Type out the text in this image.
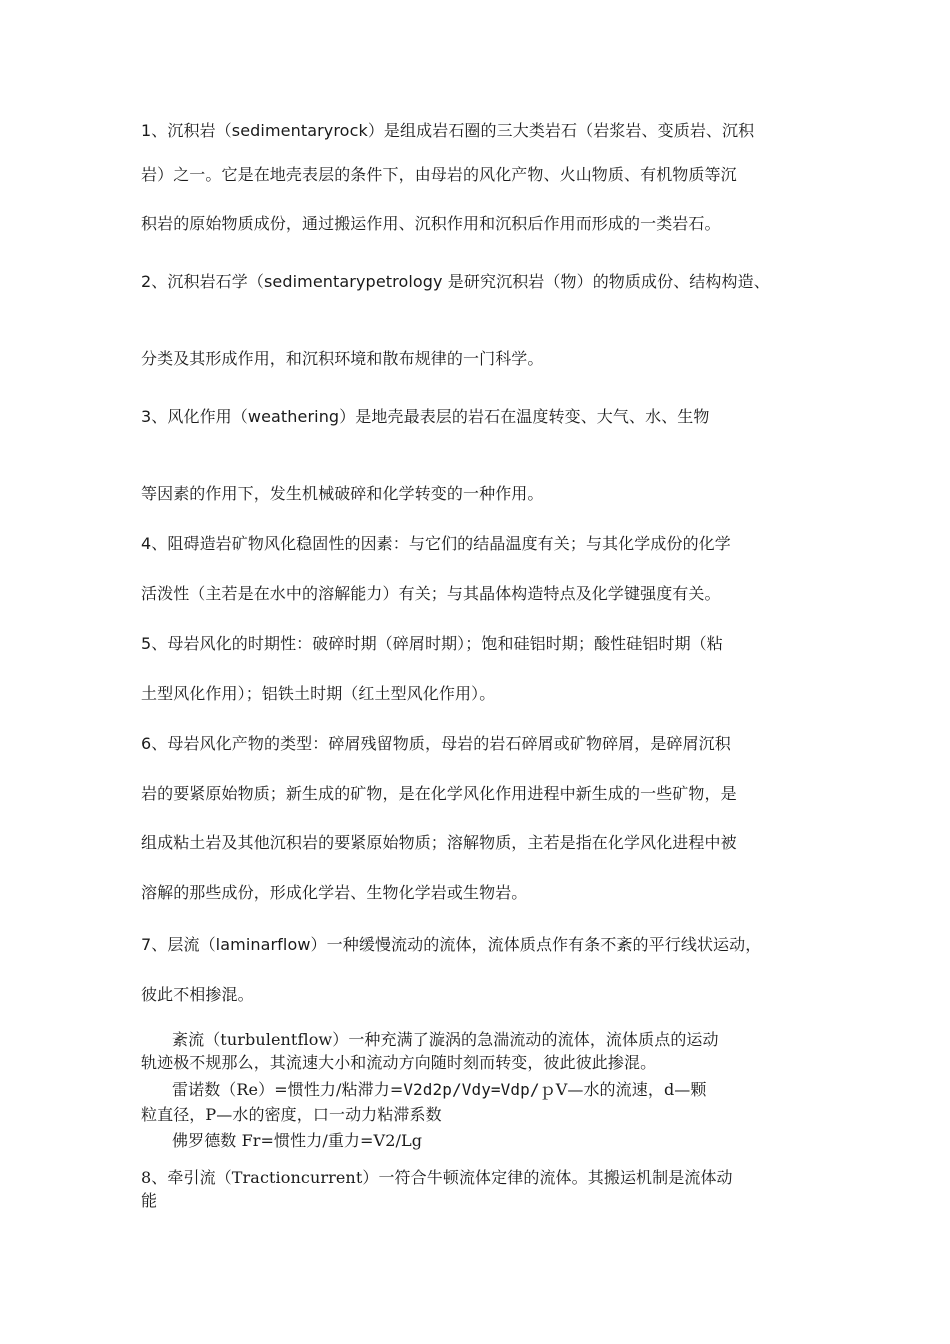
1、沉积岩（sedimentaryrock）是组成岩石圈的三大类岩石（岩浆岩、变质岩、沉积
岩）之一。它是在地壳表层的条件下，由母岩的风化产物、火山物质、有机物质等沉
积岩的原始物质成份，通过搬运作用、沉积作用和沉积后作用而形成的一类岩石。
2、沉积岩石学（sedimentarypetrology 是研究沉积岩（物）的物质成份、结构构造、
分类及其形成作用，和沉积环境和散布规律的一门科学。
3、风化作用（weathering）是地壳最表层的岩石在温度转变、大气、水、生物
等因素的作用下，发生机械破碎和化学转变的一种作用。
4、阻碍造岩矿物风化稳固性的因素：与它们的结晶温度有关；与其化学成份的化学
活泼性（主若是在水中的溶解能力）有关；与其晶体构造特点及化学键强度有关。
5、母岩风化的时期性：破碎时期（碎屑时期）；饱和硅铝时期；酸性硅铝时期（粘
土型风化作用）；铝铁土时期（红土型风化作用）。
6、母岩风化产物的类型：碎屑残留物质，母岩的岩石碎屑或矿物碎屑，是碎屑沉积
岩的要紧原始物质；新生成的矿物，是在化学风化作用进程中新生成的一些矿物，是
组成粘土岩及其他沉积岩的要紧原始物质；溶解物质，主若是指在化学风化进程中被
溶解的那些成份，形成化学岩、生物化学岩或生物岩。
7、层流（laminarflow）一种缓慢流动的流体，流体质点作有条不紊的平行线状运动，
彼此不相掺混。
紊流（turbulentflow）一种充满了漩涡的急湍流动的流体，流体质点的运动
轨迹极不规那么，其流速大小和流动方向随时刻而转变，彼此彼此掺混。
雷诺数（Re）=惯性力/粘滞力=V2d2p/Vdy=Vdp/ｐV—水的流速，d—颗
粒直径，P—水的密度，口一动力粘滞系数
佛罗德数 Fr=惯性力/重力=V2/Lg
8、牵引流（Tractioncurrent）一符合牛顿流体定律的流体。其搬运机制是流体动
能
